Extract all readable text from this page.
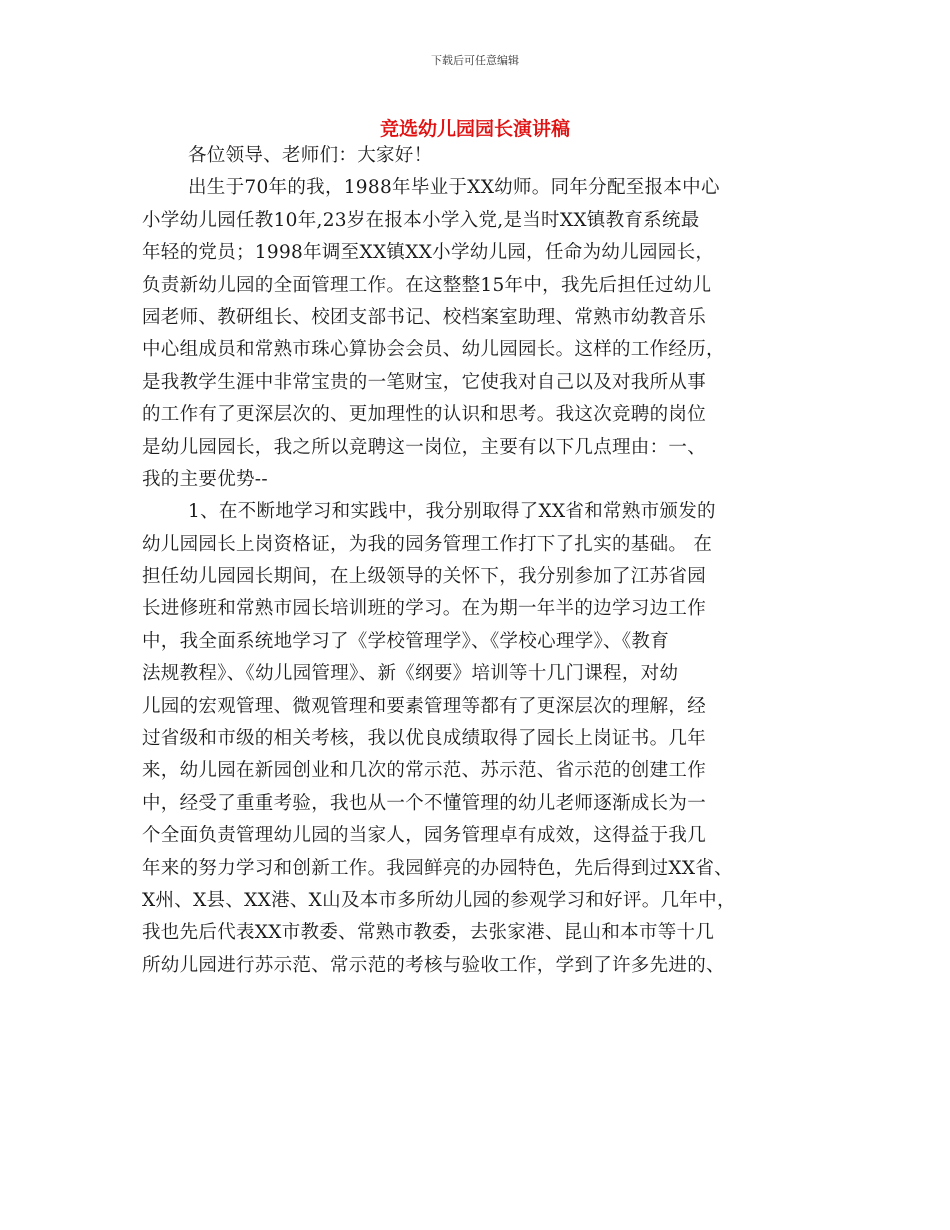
下载后可任意编辑
竞选幼儿园园长演讲稿
各位领导、老师们：大家好！
出生于70年的我，1988年毕业于XX幼师。同年分配至报本中心
小学幼儿园任教10年,23岁在报本小学入党,是当时XX镇教育系统最
年轻的党员；1998年调至XX镇XX小学幼儿园，任命为幼儿园园长，
负责新幼儿园的全面管理工作。在这整整15年中，我先后担任过幼儿
园老师、教研组长、校团支部书记、校档案室助理、常熟市幼教音乐
中心组成员和常熟市珠心算协会会员、幼儿园园长。这样的工作经历，
是我教学生涯中非常宝贵的一笔财宝，它使我对自己以及对我所从事
的工作有了更深层次的、更加理性的认识和思考。我这次竞聘的岗位
是幼儿园园长，我之所以竞聘这一岗位，主要有以下几点理由：一、
我的主要优势--
1、在不断地学习和实践中，我分别取得了XX省和常熟市颁发的
幼儿园园长上岗资格证，为我的园务管理工作打下了扎实的基础。 在
担任幼儿园园长期间，在上级领导的关怀下，我分别参加了江苏省园
长进修班和常熟市园长培训班的学习。在为期一年半的边学习边工作
中，我全面系统地学习了《学校管理学》、《学校心理学》、《教育
法规教程》、《幼儿园管理》、新《纲要》培训等十几门课程，对幼
儿园的宏观管理、微观管理和要素管理等都有了更深层次的理解，经
过省级和市级的相关考核，我以优良成绩取得了园长上岗证书。几年
来，幼儿园在新园创业和几次的常示范、苏示范、省示范的创建工作
中，经受了重重考验，我也从一个不懂管理的幼儿老师逐渐成长为一
个全面负责管理幼儿园的当家人，园务管理卓有成效，这得益于我几
年来的努力学习和创新工作。我园鲜亮的办园特色，先后得到过XX省、
X州、X县、XX港、X山及本市多所幼儿园的参观学习和好评。几年中，
我也先后代表XX市教委、常熟市教委，去张家港、昆山和本市等十几
所幼儿园进行苏示范、常示范的考核与验收工作，学到了许多先进的、
